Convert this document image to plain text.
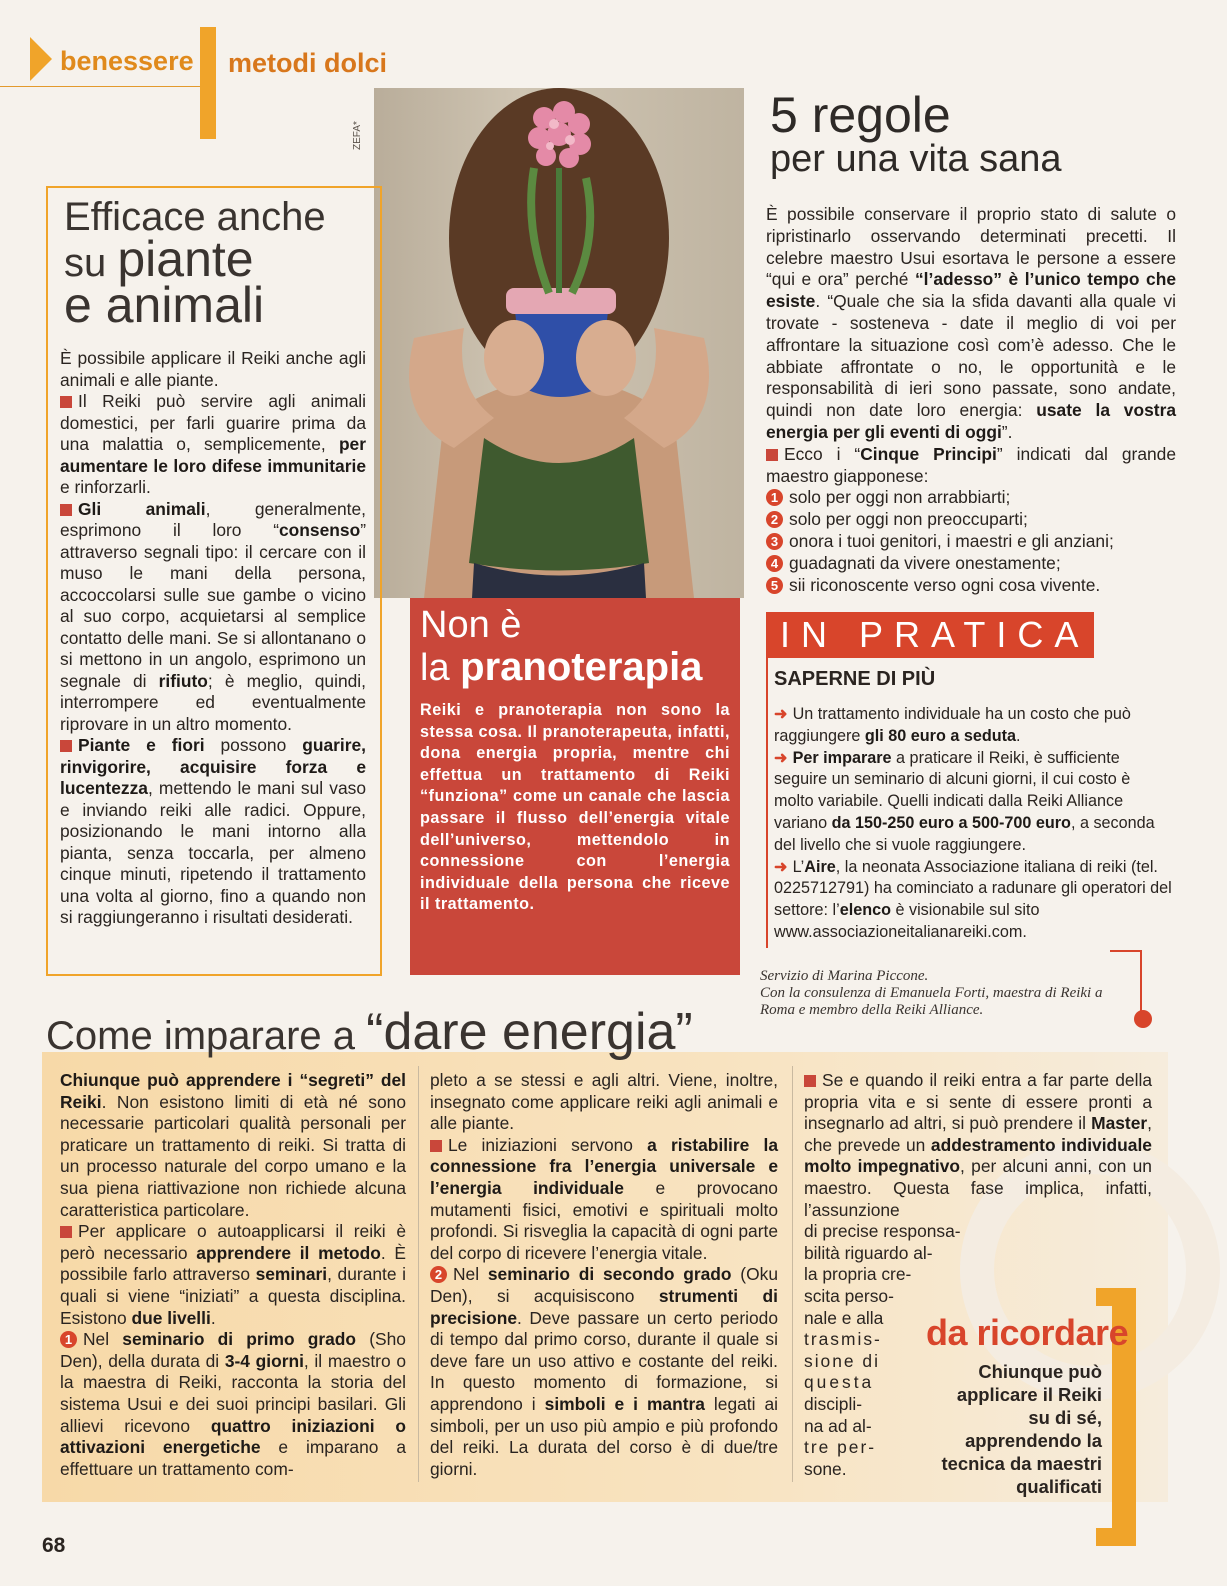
benessere metodi dolci
ZEFA*
Efficace anche
su piante
e animali

È possibile applicare il Reiki anche agli animali e alle piante.

Il Reiki può servire agli animali domestici, per farli guarire prima da una malattia o, semplicemente, per aumentare le loro difese immunitarie e rinforzarli.

Gli animali, generalmente, esprimono il loro “consenso” attraverso segnali tipo: il cercare con il muso le mani della persona, accoccolarsi sulle sue gambe o vicino al suo corpo, acquietarsi al semplice contatto delle mani. Se si allontanano o si mettono in un angolo, esprimono un segnale di rifiuto; è meglio, quindi, interrompere ed eventualmente riprovare in un altro momento.

Piante e fiori possono guarire, rinvigorire, acquisire forza e lucentezza, mettendo le mani sul vaso e inviando reiki alle radici. Oppure, posizionando le mani intorno alla pianta, senza toccarla, per almeno cinque minuti, ripetendo il trattamento una volta al giorno, fino a quando non si raggiungeranno i risultati desiderati.

Non è
la pranoterapia
Reiki e pranoterapia non sono la stessa cosa. Il pranoterapeuta, infatti, dona energia propria, mentre chi effettua un trattamento di Reiki “funziona” come un canale che lascia passare il flusso dell’energia vitale dell’universo, mettendolo in connessione con l’energia individuale della persona che riceve il trattamento.
5 regole
per una vita sana

È possibile conservare il proprio stato di salute o ripristinarlo osservando determinati precetti. Il celebre maestro Usui esortava le persone a essere “qui e ora” perché “l’adesso” è l’unico tempo che esiste. “Quale che sia la sfida davanti alla quale vi trovate - sosteneva - date il meglio di voi per affrontare la situazione così com’è adesso. Che le abbiate affrontate o no, le opportunità e le responsabilità di ieri sono passate, sono andate, quindi non date loro energia: usate la vostra energia per gli eventi di oggi”.

Ecco i “Cinque Principi” indicati dal grande maestro giapponese:

1 solo per oggi non arrabbiarti;
2 solo per oggi non preoccuparti;
3 onora i tuoi genitori, i maestri e gli anziani;
4 guadagnati da vivere onestamente;
5 sii riconoscente verso ogni cosa vivente.
IN PRATICA
SAPERNE DI PIÙ

➜ Un trattamento individuale ha un costo che può raggiungere gli 80 euro a seduta.

➜ Per imparare a praticare il Reiki, è sufficiente seguire un seminario di alcuni giorni, il cui costo è molto variabile. Quelli indicati dalla Reiki Alliance variano da 150-250 euro a 500-700 euro, a seconda del livello che si vuole raggiungere.

➜ L’Aire, la neonata Associazione italiana di reiki (tel. 0225712791) ha cominciato a radunare gli operatori del settore: l’elenco è visionabile sul sito www.associazioneitalianareiki.com.

Servizio di Marina Piccone.
Con la consulenza di Emanuela Forti, maestra di Reiki a Roma e membro della Reiki Alliance.
Come imparare a “dare energia”

Chiunque può apprendere i “segreti” del Reiki. Non esistono limiti di età né sono necessarie particolari qualità personali per praticare un trattamento di reiki. Si tratta di un processo naturale del corpo umano e la sua piena riattivazione non richiede alcuna caratteristica particolare.

Per applicare o autoapplicarsi il reiki è però necessario apprendere il metodo. È possibile farlo attraverso seminari, durante i quali si viene “iniziati” a questa disciplina. Esistono due livelli.

1 Nel seminario di primo grado (Sho Den), della durata di 3-4 giorni, il maestro o la maestra di Reiki, racconta la storia del sistema Usui e dei suoi principi basilari. Gli allievi ricevono quattro iniziazioni o attivazioni energetiche e imparano a effettuare un trattamento com-

pleto a se stessi e agli altri. Viene, inoltre, insegnato come applicare reiki agli animali e alle piante.

Le iniziazioni servono a ristabilire la connessione fra l’energia universale e l’energia individuale e provocano mutamenti fisici, emotivi e spirituali molto profondi. Si risveglia la capacità di ogni parte del corpo di ricevere l’energia vitale.

2 Nel seminario di secondo grado (Oku Den), si acquisiscono strumenti di precisione. Deve passare un certo periodo di tempo dal primo corso, durante il quale si deve fare un uso attivo e costante del reiki. In questo momento di formazione, si apprendono i simboli e i mantra legati ai simboli, per un uso più ampio e più profondo del reiki. La durata del corso è di due/tre giorni.

Se e quando il reiki entra a far parte della propria vita e si sente di essere pronti a insegnarlo ad altri, si può prendere il Master, che prevede un addestramento individuale molto impegnativo, per alcuni anni, con un maestro. Questa fase implica, infatti, l’assunzione

di precise responsa-
bilità riguardo al-
la propria cre-
scita perso-
nale e alla
trasmis-
sione di
questa
discipli-
na ad al-
tre per-
sone.
da ricordare
Chiunque può applicare il Reiki su di sé, apprendendo la tecnica da maestri qualificati
68
